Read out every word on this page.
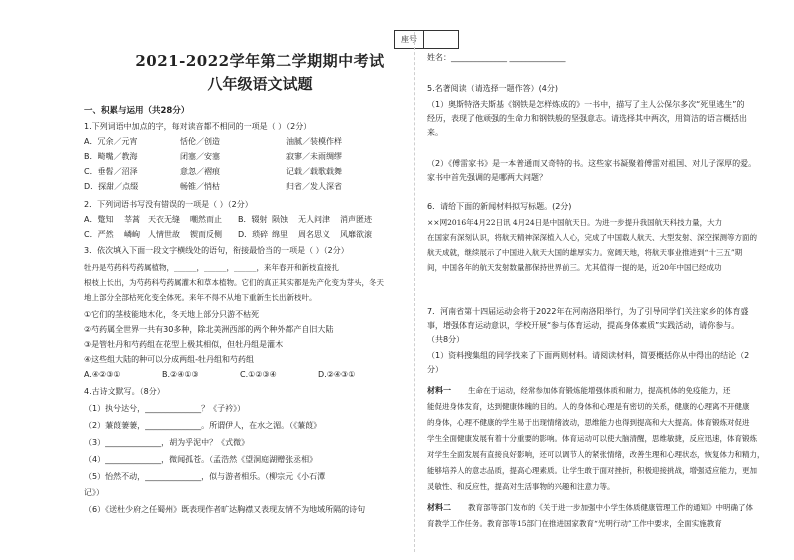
座号
姓名：______________ ______________
2021-2022学年第二学期期中考试
八年级语文试题
一、积累与运用（共28分）
1.下列词语中加点的字，每对读音都不相同的一项是（ ）（2分）
A．冗余／元宵	恬伦／创造	油腻／装模作样
B．畸嘴／教海	闭塞／安塞	寂寥／未雨绸缪
C．垂髫／沼泽	意忽／褶痕	记载／载歌载舞
D．探甜／点缀	畅锥／悄枯	归省／发人深省
2．下列词语书写没有错误的一项是（ ）（2分）
A．蹩知 莘蒿 天衣无缝 嘲然而止 B．辍射 陨蚀 无人问津 消声匿迹
C．严然 嶙峋 人情世故 锲而反侧 D．琐碎 绵里 周名思义 风靡欲滚
3．依次填入下面一段文字横线处的语句，衔接最恰当的一项是（ ）（2分）
牡丹是芍药科芍药属植物，______，______，______，来年春开和新枝直接扎
根枝上长出，为芍药科芍药属灌木和草本植物。它们的真正其实都是先产化变为芽头，冬天
地上部分全部枯死化变全体死。来年不得不从地下重新生长出新枝叶。
①它们的茎枝能地木化，冬天地上部分只游不枯死
②芍药属全世界一共有30多种，除北美洲西部的两个种外都产自旧大陆
③是管牡丹和芍药组在花型上极其相似，但牡丹组是灌木
④这些组大陆的种可以分成两组-牡丹组和芍药组
A.④②③①	B.②④①③	C.①②③④	D.②④③①
4.古诗文默写。（8分）
（1）执兮达兮，______________？《子衿》）
（2）蒹葭萋萋，______________。所谓伊人，在水之湄。（《蒹葭》
（3）______________，胡为乎泥中？《式微》
（4）______________，微闻孤苍。（孟浩然《望洞庭湖赠张丞相》
（5）怡然不动，______________，似与游者相乐。（柳宗元《小石潭
记》）
（6）《送杜少府之任蜀州》既表现作者旷达胸襟又表现友情不为地域所隔的诗句
5.名著阅读（请选择一题作答）(4分)
（1）奥斯特洛夫斯基《钢铁是怎样炼成的》一书中，描写了主人公保尔多次“死里逃生”的
经历，表现了他顽强的生命力和钢铁般的坚强意志。请选择其中两次，用简洁的语言概括出
来。
（2）《傅雷家书》是一本普通而又奇特的书。这些家书凝聚着傅雷对祖国、对儿子深厚的爱。
家书中首先强调的是哪两大问题？
6．请给下面的新闻材料拟写标题。(2分)
××网2016年4月22日讯 4月24日是中国航天日。为进一步提升我国航天科技力量，大力
在国家有深刻认识，将航天精神深深植入人心，完成了中国载人航天、大型发射、深空探测等方面的
航天成就，继续展示了中国进入航天大国的雄厚实力。宽阔天地，将航天事业推进到“十三五”期
间，中国各年的航天发射数量都保持世界前三。尤其值得一提的是，近20年中国已经成功
7．河南省第十四届运动会将于2022年在河南洛阳举行，为了引导同学们关注家乡的体育盛
事，增强体育运动意识，学校开展“参与体育运动，提高身体素质”实践活动，请你参与。
（共8分）
（1）资料搜集组的同学找来了下面两则材料。请阅读材料，简要概括你从中得出的结论（2
分）
材料一 生命在于运动，经常参加体育锻炼能增强体质和耐力，提高机体的免疫能力，还
能促进身体发育，达到健康体魄的目的。人的身体和心理是有密切的关系，健康的心理离不开健康
的身体，心理不健康的学生易于出现情绪波动，思维能力也得到提高和大大提高。体育锻炼对促进
学生全面健康发展有着十分重要的影响。体育运动可以使大脑清醒，思维敏捷，反应迅速，体育锻炼
对学生全面发展有直接良好影响，还可以调节人的紧张情绪，改善生理和心理状态，恢复体力和精力，
能够培养人的意志品质，提高心理素质。让学生敢于面对挫折，积极迎接挑战，增强适应能力，更加
灵敏性、和反应性，提高对生活事物的兴趣和注意力等。
材料二 教育部等部门发布的《关于进一步加强中小学生体质健康管理工作的通知》中明确了体
育教学工作任务。教育部等15部门在推进国家教育“光明行动”工作中要求，全面实施教育
